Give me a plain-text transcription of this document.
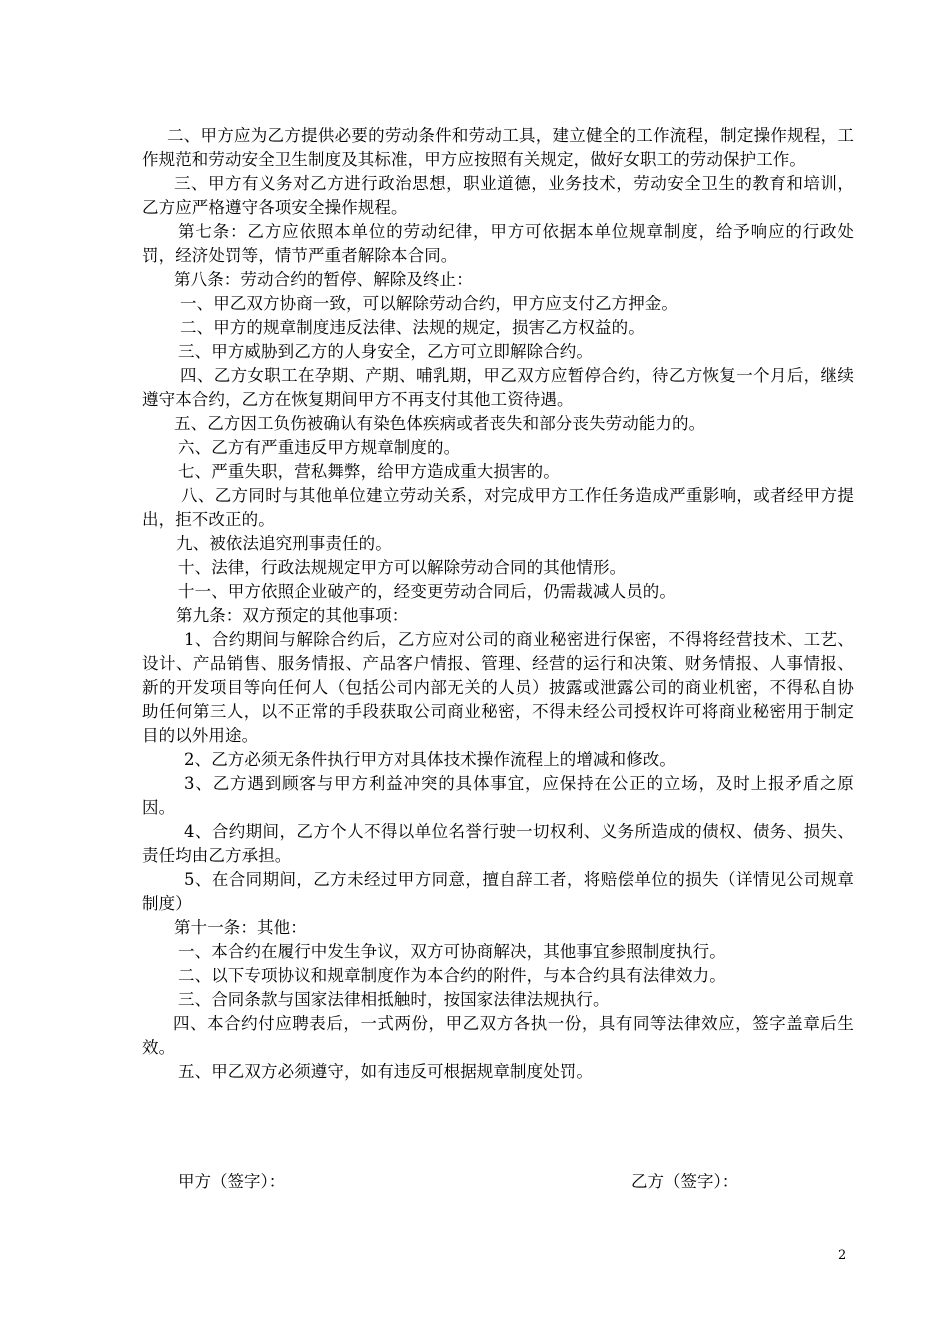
二、甲方应为乙方提供必要的劳动条件和劳动工具，建立健全的工作流程，制定操作规程，工作规范和劳动安全卫生制度及其标准，甲方应按照有关规定，做好女职工的劳动保护工作。

三、甲方有义务对乙方进行政治思想，职业道德，业务技术，劳动安全卫生的教育和培训，乙方应严格遵守各项安全操作规程。

第七条：乙方应依照本单位的劳动纪律，甲方可依据本单位规章制度，给予响应的行政处罚，经济处罚等，情节严重者解除本合同。

第八条：劳动合约的暂停、解除及终止：

一、甲乙双方协商一致，可以解除劳动合约，甲方应支付乙方押金。

二、甲方的规章制度违反法律、法规的规定，损害乙方权益的。

三、甲方威胁到乙方的人身安全，乙方可立即解除合约。

四、乙方女职工在孕期、产期、哺乳期，甲乙双方应暂停合约，待乙方恢复一个月后，继续遵守本合约，乙方在恢复期间甲方不再支付其他工资待遇。

五、乙方因工负伤被确认有染色体疾病或者丧失和部分丧失劳动能力的。

六、乙方有严重违反甲方规章制度的。

七、严重失职，营私舞弊，给甲方造成重大损害的。

八、乙方同时与其他单位建立劳动关系，对完成甲方工作任务造成严重影响，或者经甲方提出，拒不改正的。

九、被依法追究刑事责任的。

十、法律，行政法规规定甲方可以解除劳动合同的其他情形。

十一、甲方依照企业破产的，经变更劳动合同后，仍需裁减人员的。

第九条：双方预定的其他事项：

1、合约期间与解除合约后，乙方应对公司的商业秘密进行保密，不得将经营技术、工艺、设计、产品销售、服务情报、产品客户情报、管理、经营的运行和决策、财务情报、人事情报、新的开发项目等向任何人（包括公司内部无关的人员）披露或泄露公司的商业机密，不得私自协助任何第三人，以不正常的手段获取公司商业秘密，不得未经公司授权许可将商业秘密用于制定目的以外用途。

2、乙方必须无条件执行甲方对具体技术操作流程上的增减和修改。

3、乙方遇到顾客与甲方利益冲突的具体事宜，应保持在公正的立场，及时上报矛盾之原因。

4、合约期间，乙方个人不得以单位名誉行驶一切权利、义务所造成的债权、债务、损失、责任均由乙方承担。

5、在合同期间，乙方未经过甲方同意，擅自辞工者，将赔偿单位的损失（详情见公司规章制度）

第十一条：其他：

一、本合约在履行中发生争议，双方可协商解决，其他事宜参照制度执行。

二、以下专项协议和规章制度作为本合约的附件，与本合约具有法律效力。

三、合同条款与国家法律相抵触时，按国家法律法规执行。

四、本合约付应聘表后，一式两份，甲乙双方各执一份，具有同等法律效应，签字盖章后生效。

五、甲乙双方必须遵守，如有违反可根据规章制度处罚。

甲方（签字）：	乙方（签字）：
2
